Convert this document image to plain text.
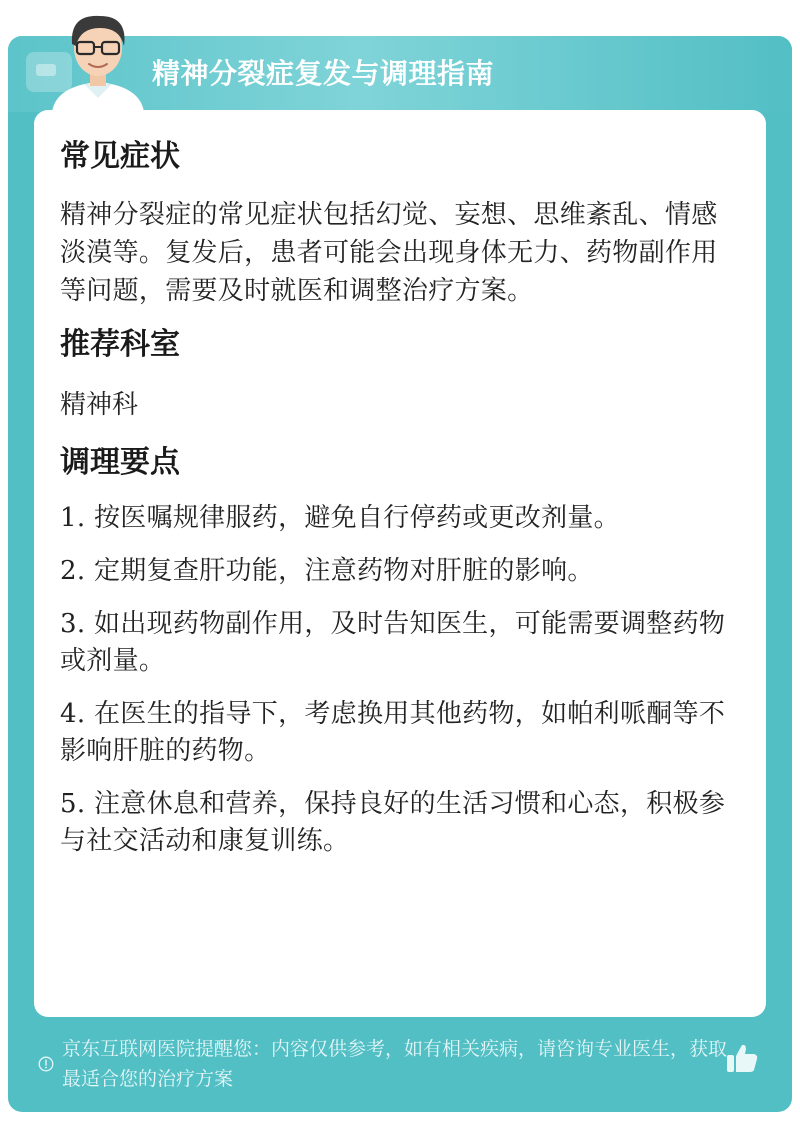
精神分裂症复发与调理指南
常见症状
精神分裂症的常见症状包括幻觉、妄想、思维紊乱、情感淡漠等。复发后，患者可能会出现身体无力、药物副作用等问题，需要及时就医和调整治疗方案。
推荐科室
精神科
调理要点
1. 按医嘱规律服药，避免自行停药或更改剂量。
2. 定期复查肝功能，注意药物对肝脏的影响。
3. 如出现药物副作用，及时告知医生，可能需要调整药物或剂量。
4. 在医生的指导下，考虑换用其他药物，如帕利哌酮等不影响肝脏的药物。
5. 注意休息和营养，保持良好的生活习惯和心态，积极参与社交活动和康复训练。
京东互联网医院提醒您：内容仅供参考，如有相关疾病，请咨询专业医生，获取最适合您的治疗方案
